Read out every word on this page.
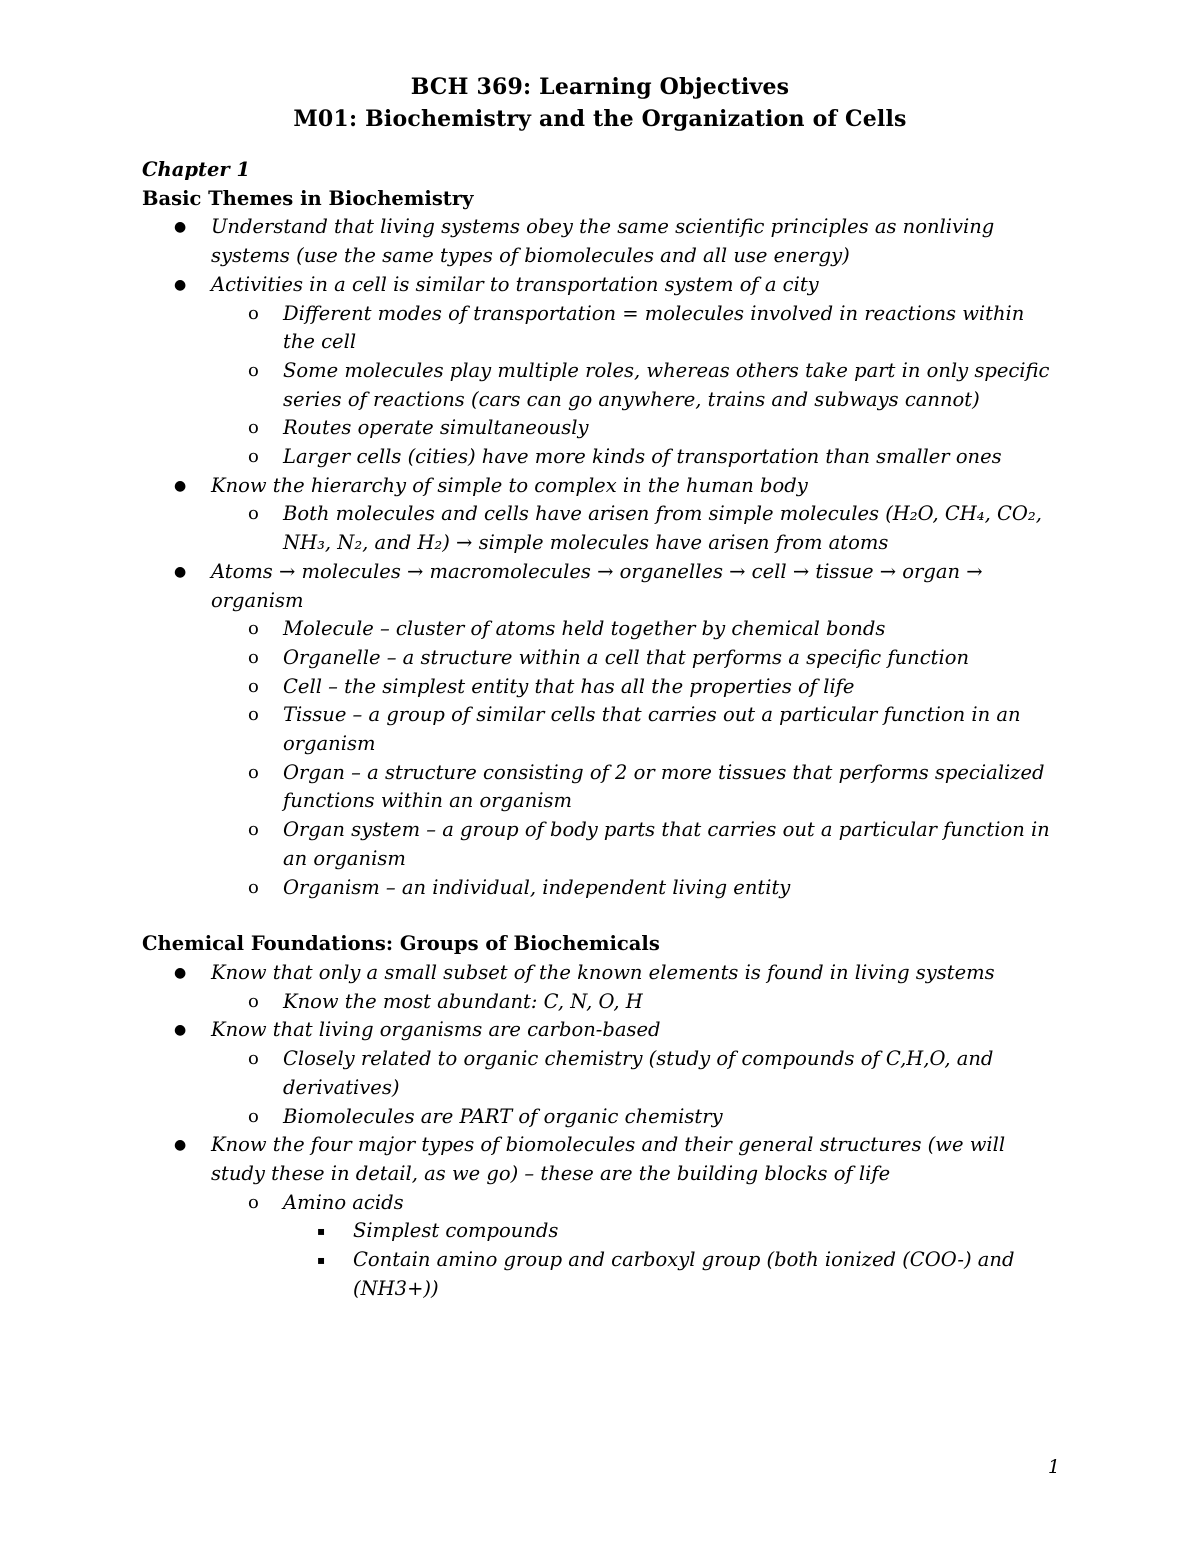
BCH 369: Learning Objectives
M01: Biochemistry and the Organization of Cells
Chapter 1
Basic Themes in Biochemistry
● Understand that living systems obey the same scientific principles as nonliving systems (use the same types of biomolecules and all use energy)
● Activities in a cell is similar to transportation system of a city
o Different modes of transportation = molecules involved in reactions within the cell
o Some molecules play multiple roles, whereas others take part in only specific series of reactions (cars can go anywhere, trains and subways cannot)
o Routes operate simultaneously
o Larger cells (cities) have more kinds of transportation than smaller ones
● Know the hierarchy of simple to complex in the human body
o Both molecules and cells have arisen from simple molecules (H₂O, CH₄, CO₂, NH₃, N₂, and H₂) → simple molecules have arisen from atoms
● Atoms → molecules → macromolecules → organelles → cell → tissue → organ → organism
o Molecule – cluster of atoms held together by chemical bonds
o Organelle – a structure within a cell that performs a specific function
o Cell – the simplest entity that has all the properties of life
o Tissue – a group of similar cells that carries out a particular function in an organism
o Organ – a structure consisting of 2 or more tissues that performs specialized functions within an organism
o Organ system – a group of body parts that carries out a particular function in an organism
o Organism – an individual, independent living entity
Chemical Foundations: Groups of Biochemicals
● Know that only a small subset of the known elements is found in living systems
o Know the most abundant: C, N, O, H
● Know that living organisms are carbon-based
o Closely related to organic chemistry (study of compounds of C,H,O, and derivatives)
o Biomolecules are PART of organic chemistry
● Know the four major types of biomolecules and their general structures (we will study these in detail, as we go) – these are the building blocks of life
o Amino acids
▪ Simplest compounds
▪ Contain amino group and carboxyl group (both ionized (COO-) and (NH3+))
1
